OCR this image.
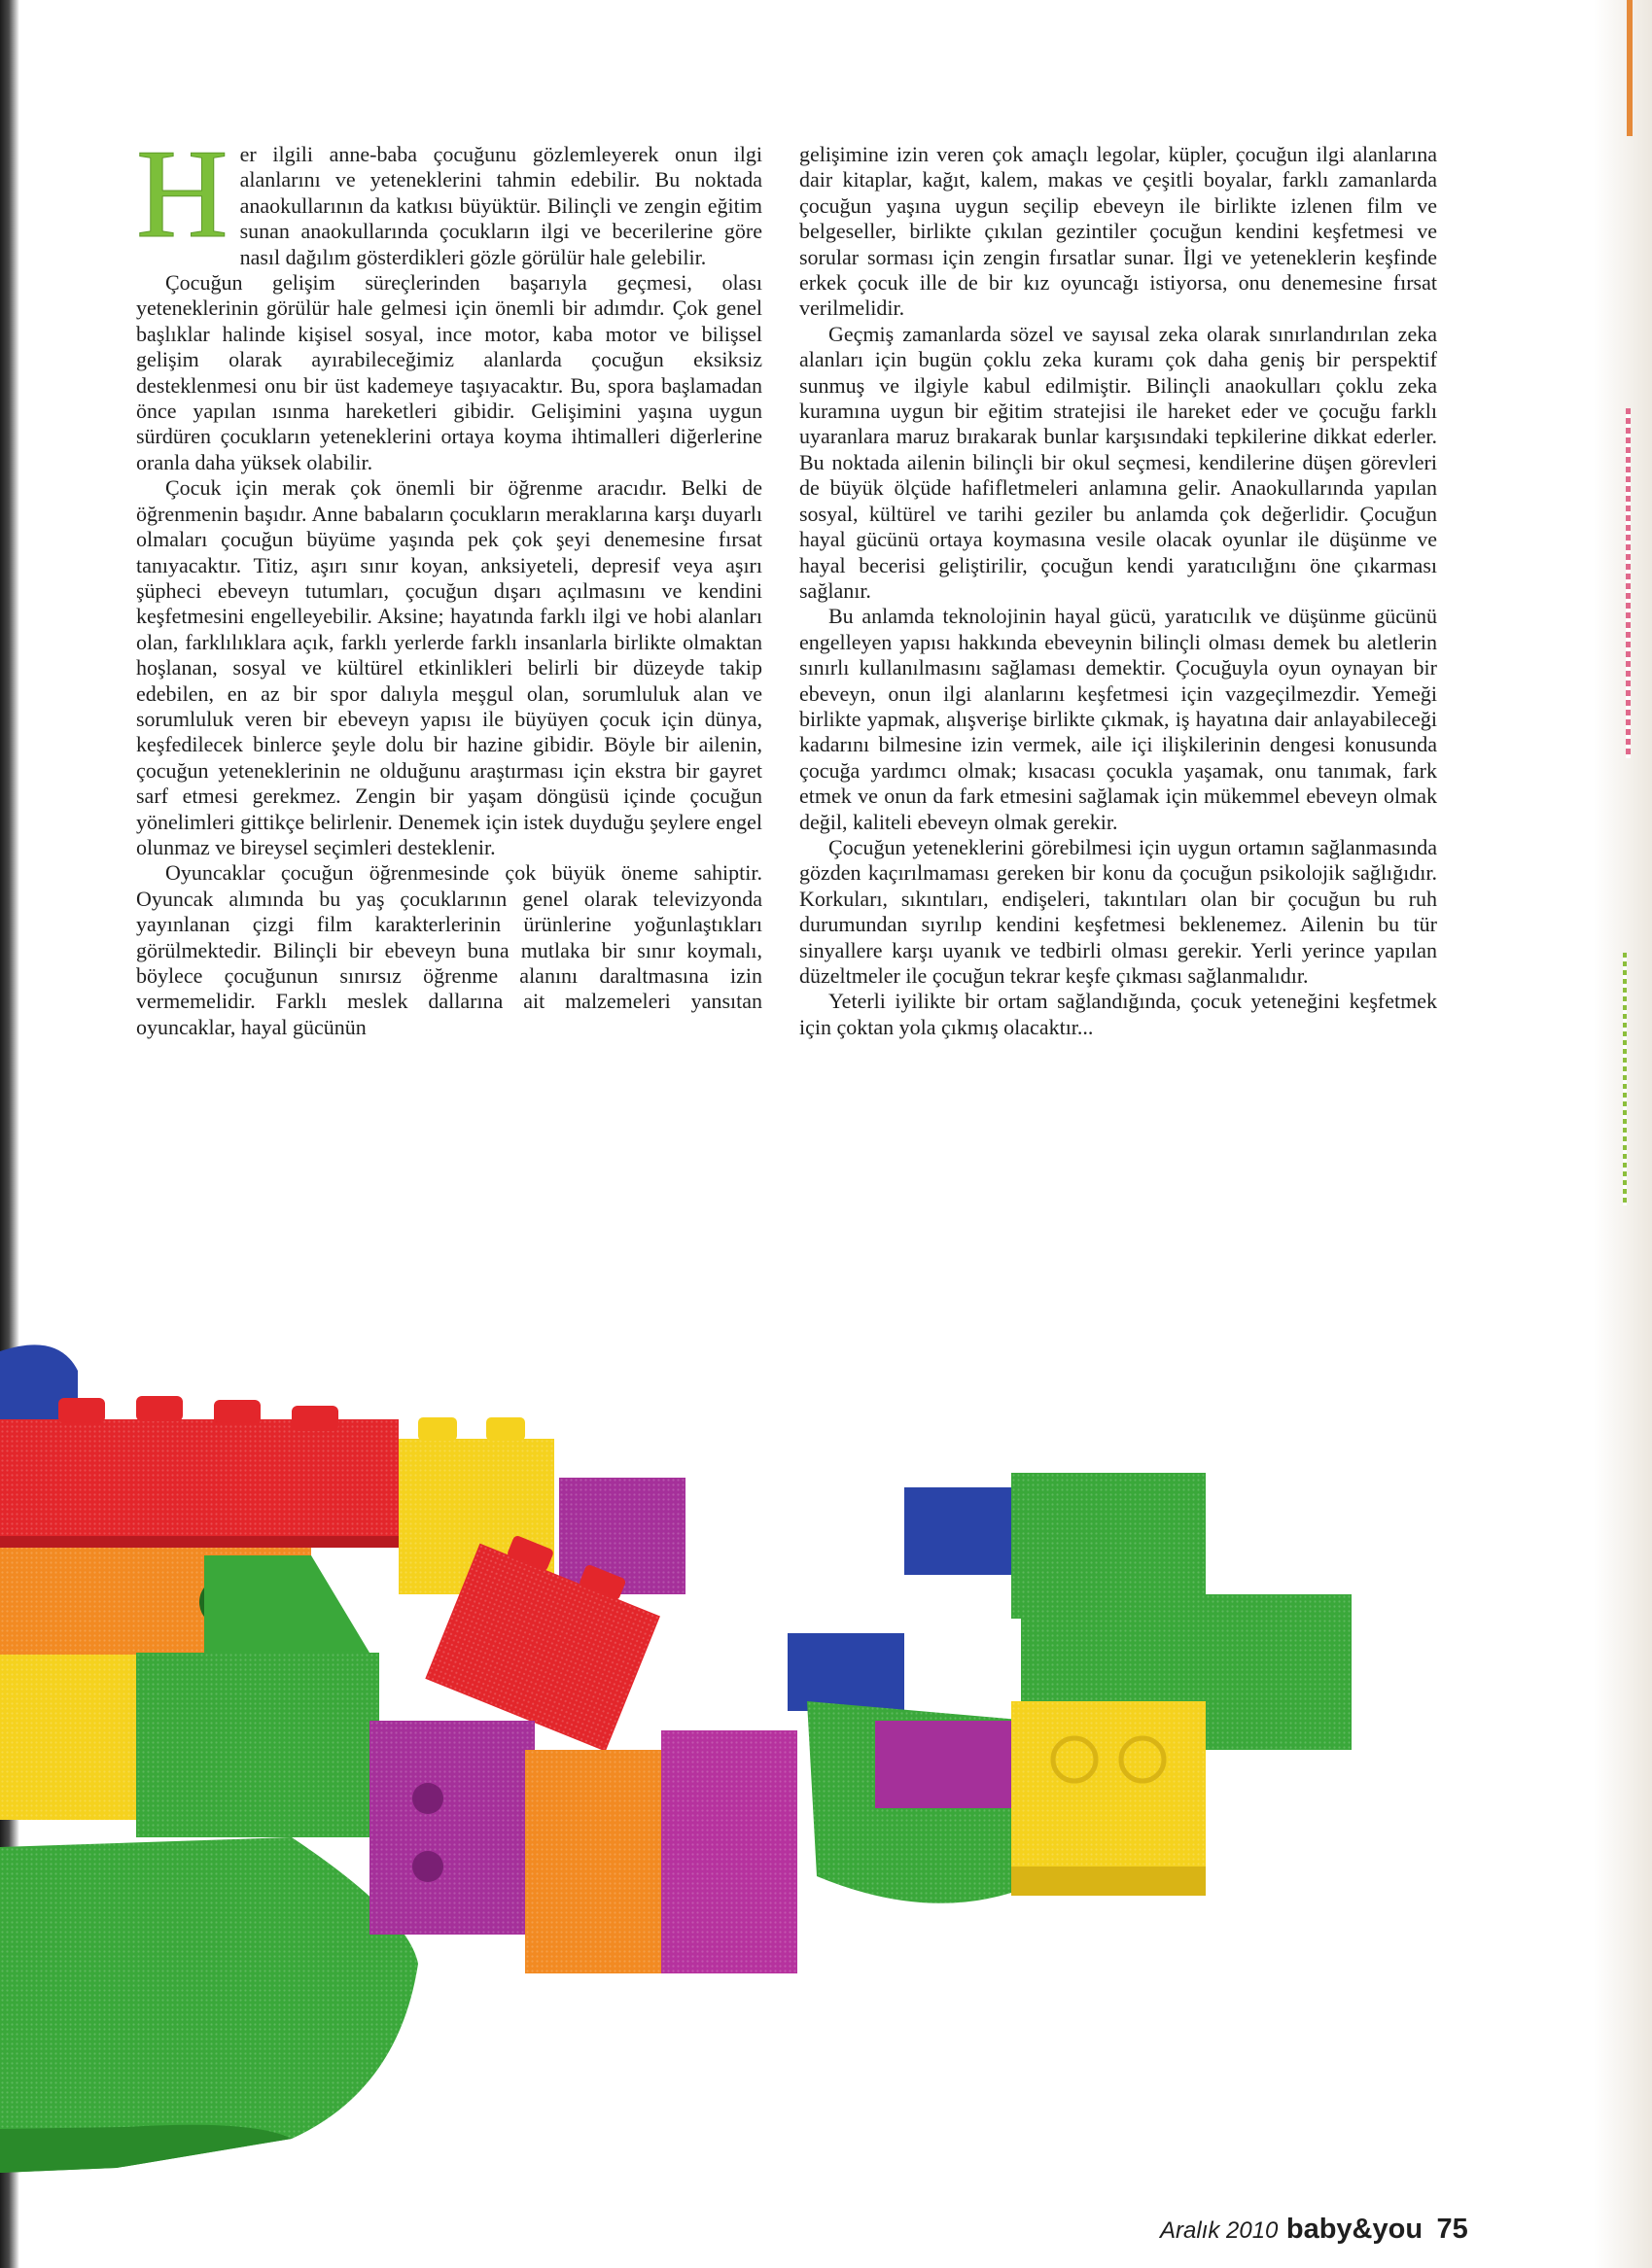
Her ilgili anne-baba çocuğunu gözlemleyerek onun ilgi alanlarını ve yeteneklerini tahmin edebilir. Bu noktada anaokullarının da katkısı büyüktür. Bilinçli ve zengin eğitim sunan anaokullarında çocukların ilgi ve becerilerine göre nasıl dağılım gösterdikleri gözle görülür hale gelebilir.

Çocuğun gelişim süreçlerinden başarıyla geçmesi, olası yeteneklerinin görülür hale gelmesi için önemli bir adımdır. Çok genel başlıklar halinde kişisel sosyal, ince motor, kaba motor ve bilişsel gelişim olarak ayırabileceğimiz alanlarda çocuğun eksiksiz desteklenmesi onu bir üst kademeye taşıyacaktır. Bu, spora başlamadan önce yapılan ısınma hareketleri gibidir. Gelişimini yaşına uygun sürdüren çocukların yeteneklerini ortaya koyma ihtimalleri diğerlerine oranla daha yüksek olabilir.

Çocuk için merak çok önemli bir öğrenme aracıdır. Belki de öğrenmenin başıdır. Anne babaların çocukların meraklarına karşı duyarlı olmaları çocuğun büyüme yaşında pek çok şeyi denemesine fırsat tanıyacaktır. Titiz, aşırı sınır koyan, anksiyeteli, depresif veya aşırı şüpheci ebeveyn tutumları, çocuğun dışarı açılmasını ve kendini keşfetmesini engelleyebilir. Aksine; hayatında farklı ilgi ve hobi alanları olan, farklılıklara açık, farklı yerlerde farklı insanlarla birlikte olmaktan hoşlanan, sosyal ve kültürel etkinlikleri belirli bir düzeyde takip edebilen, en az bir spor dalıyla meşgul olan, sorumluluk alan ve sorumluluk veren bir ebeveyn yapısı ile büyüyen çocuk için dünya, keşfedilecek binlerce şeyle dolu bir hazine gibidir. Böyle bir ailenin, çocuğun yeteneklerinin ne olduğunu araştırması için ekstra bir gayret sarf etmesi gerekmez. Zengin bir yaşam döngüsü içinde çocuğun yönelimleri gittikçe belirlenir. Denemek için istek duyduğu şeylere engel olunmaz ve bireysel seçimleri desteklenir.

Oyuncaklar çocuğun öğrenmesinde çok büyük öneme sahiptir. Oyuncak alımında bu yaş çocuklarının genel olarak televizyonda yayınlanan çizgi film karakterlerinin ürünlerine yoğunlaştıkları görülmektedir. Bilinçli bir ebeveyn buna mutlaka bir sınır koymalı, böylece çocuğunun sınırsız öğrenme alanını daraltmasına izin vermemelidir. Farklı meslek dallarına ait malzemeleri yansıtan oyuncaklar, hayal gücünün

gelişimine izin veren çok amaçlı legolar, küpler, çocuğun ilgi alanlarına dair kitaplar, kağıt, kalem, makas ve çeşitli boyalar, farklı zamanlarda çocuğun yaşına uygun seçilip ebeveyn ile birlikte izlenen film ve belgeseller, birlikte çıkılan gezintiler çocuğun kendini keşfetmesi ve sorular sorması için zengin fırsatlar sunar. İlgi ve yeteneklerin keşfinde erkek çocuk ille de bir kız oyuncağı istiyorsa, onu denemesine fırsat verilmelidir.

Geçmiş zamanlarda sözel ve sayısal zeka olarak sınırlandırılan zeka alanları için bugün çoklu zeka kuramı çok daha geniş bir perspektif sunmuş ve ilgiyle kabul edilmiştir. Bilinçli anaokulları çoklu zeka kuramına uygun bir eğitim stratejisi ile hareket eder ve çocuğu farklı uyaranlara maruz bırakarak bunlar karşısındaki tepkilerine dikkat ederler. Bu noktada ailenin bilinçli bir okul seçmesi, kendilerine düşen görevleri de büyük ölçüde hafifletmeleri anlamına gelir. Anaokullarında yapılan sosyal, kültürel ve tarihi geziler bu anlamda çok değerlidir. Çocuğun hayal gücünü ortaya koymasına vesile olacak oyunlar ile düşünme ve hayal becerisi geliştirilir, çocuğun kendi yaratıcılığını öne çıkarması sağlanır.

Bu anlamda teknolojinin hayal gücü, yaratıcılık ve düşünme gücünü engelleyen yapısı hakkında ebeveynin bilinçli olması demek bu aletlerin sınırlı kullanılmasını sağlaması demektir. Çocuğuyla oyun oynayan bir ebeveyn, onun ilgi alanlarını keşfetmesi için vazgeçilmezdir. Yemeği birlikte yapmak, alışverişe birlikte çıkmak, iş hayatına dair anlayabileceği kadarını bilmesine izin vermek, aile içi ilişkilerinin dengesi konusunda çocuğa yardımcı olmak; kısacası çocukla yaşamak, onu tanımak, fark etmek ve onun da fark etmesini sağlamak için mükemmel ebeveyn olmak değil, kaliteli ebeveyn olmak gerekir.

Çocuğun yeteneklerini görebilmesi için uygun ortamın sağlanmasında gözden kaçırılmaması gereken bir konu da çocuğun psikolojik sağlığıdır. Korkuları, sıkıntıları, endişeleri, takıntıları olan bir çocuğun bu ruh durumundan sıyrılıp kendini keşfetmesi beklenemez. Ailenin bu tür sinyallere karşı uyanık ve tedbirli olması gerekir. Yerli yerince yapılan düzeltmeler ile çocuğun tekrar keşfe çıkması sağlanmalıdır.

Yeterli iyilikte bir ortam sağlandığında, çocuk yeteneğini keşfetmek için çoktan yola çıkmış olacaktır...

Aralık 2010 baby&you 75
